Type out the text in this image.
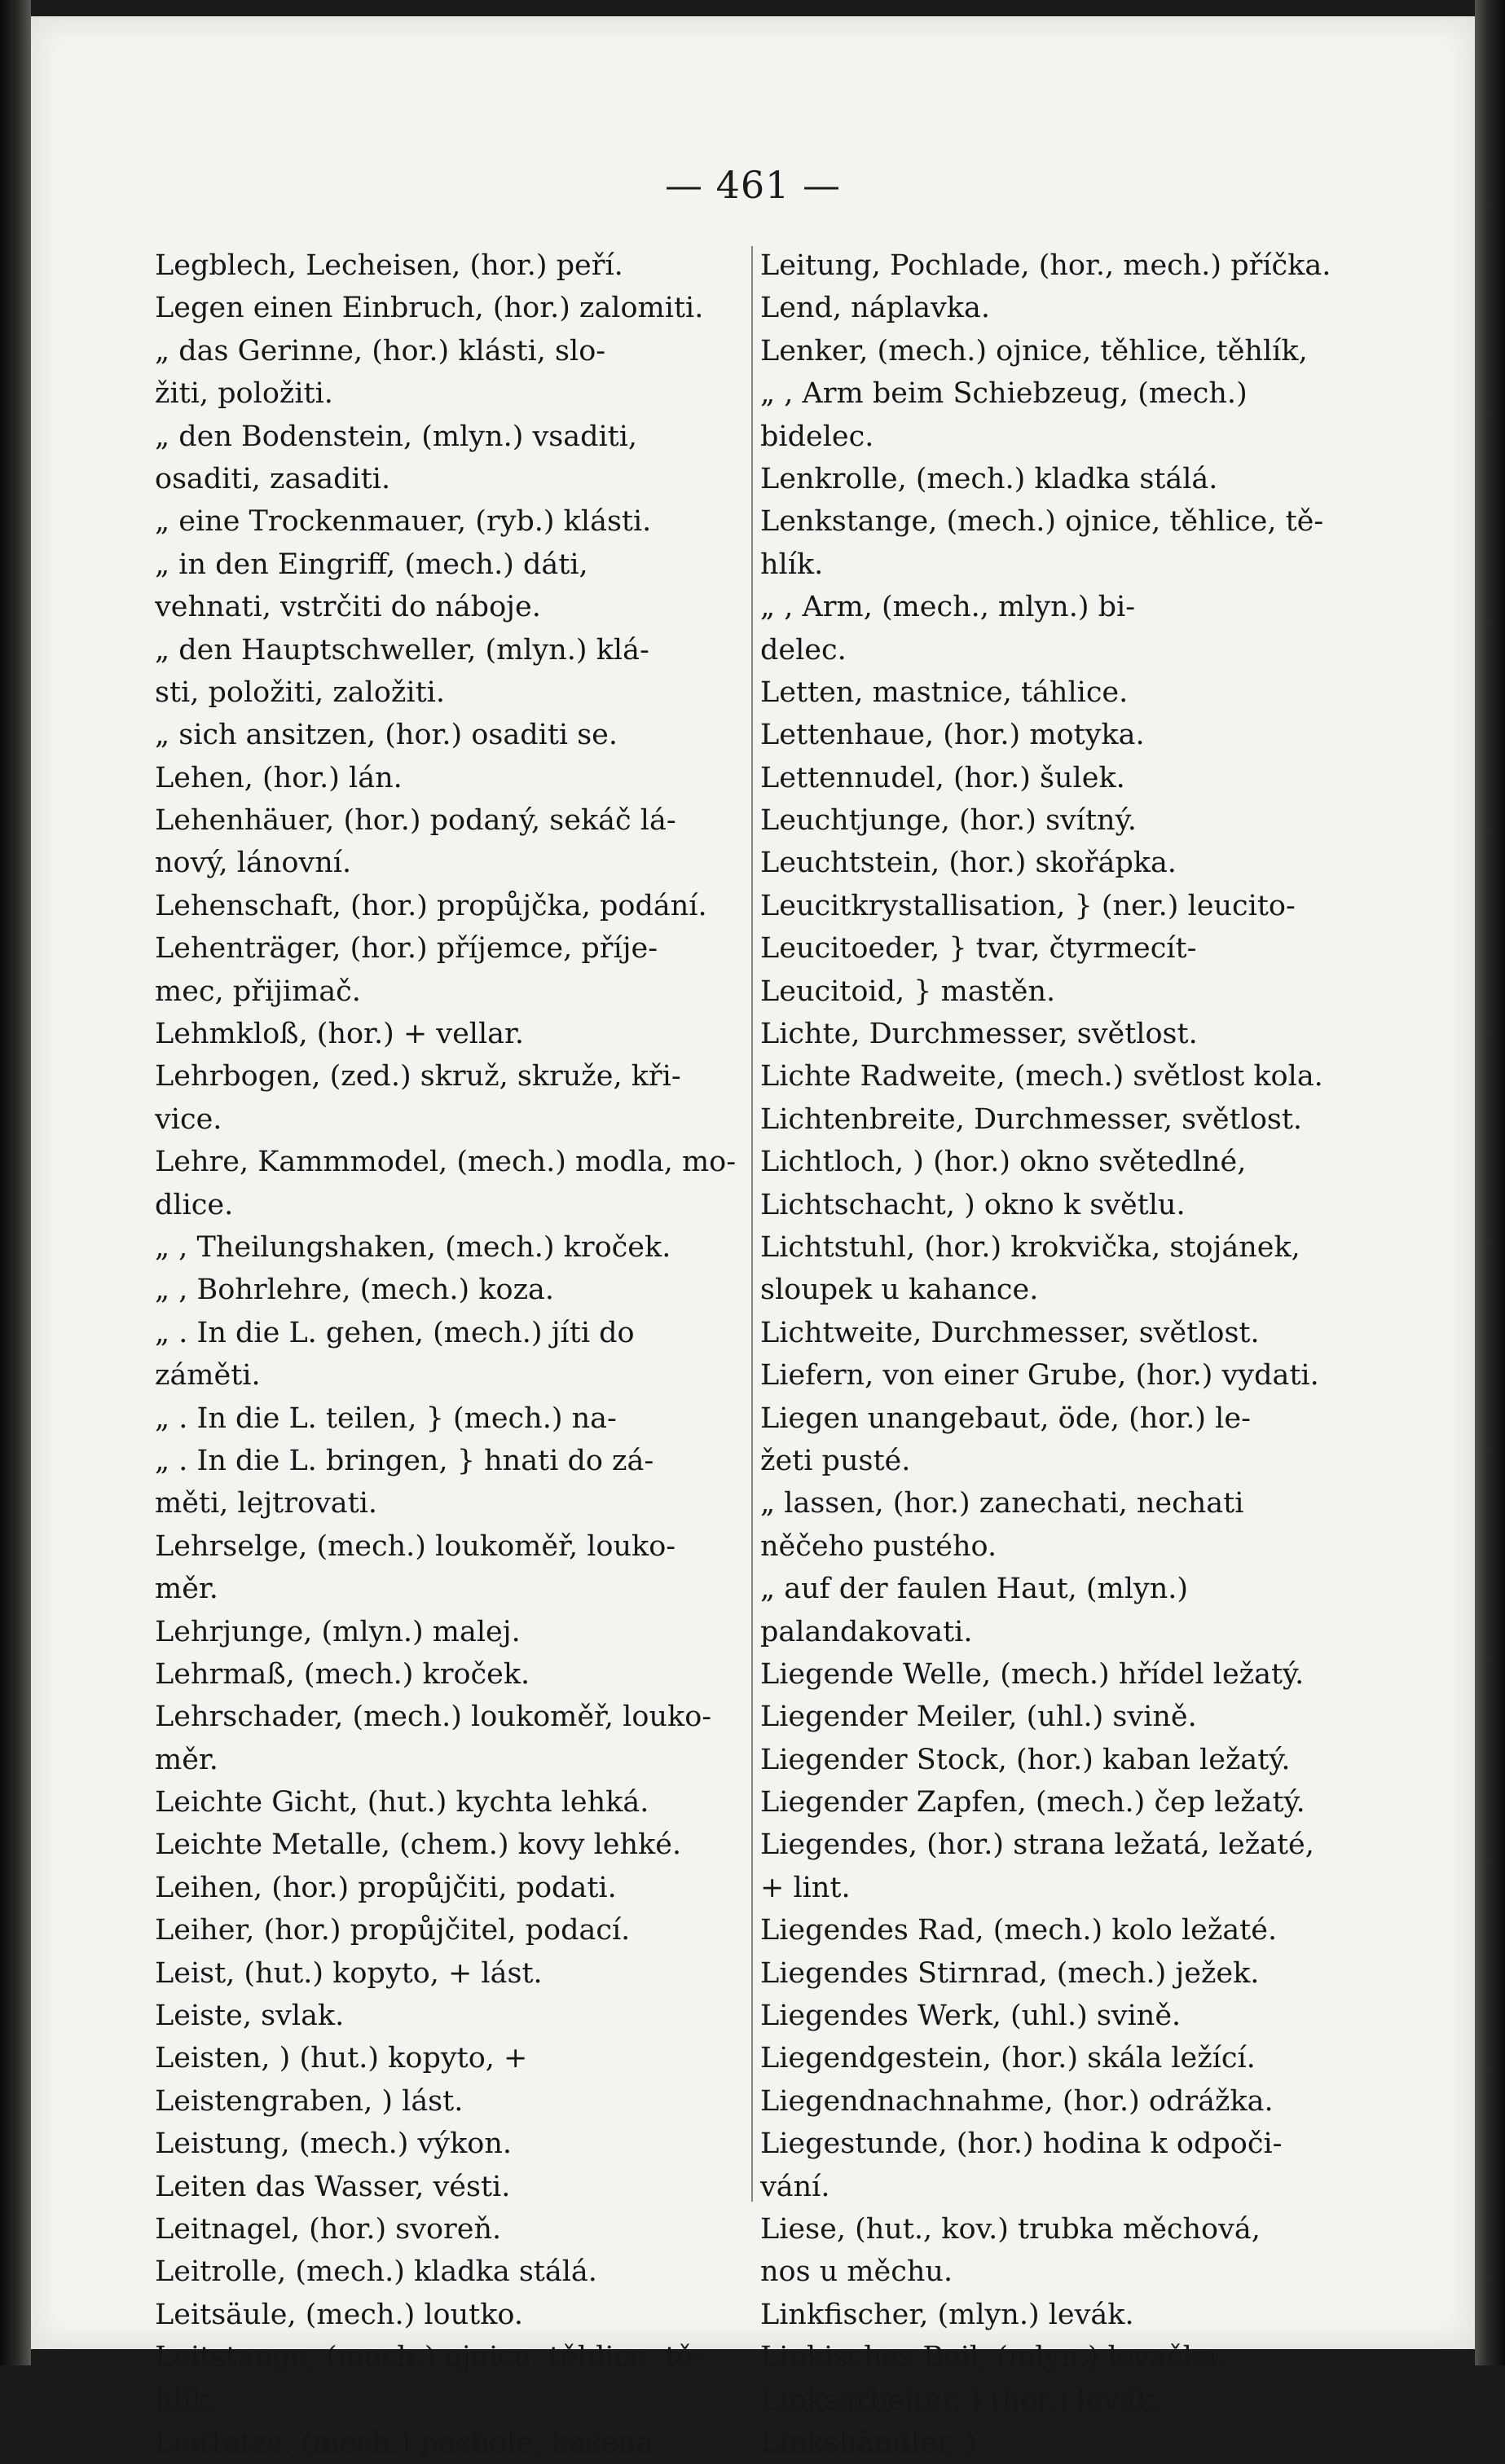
— 461 —
Legblech, Lecheisen, (hor.) peří.
Legen einen Einbruch, (hor.) zalomiti.
„ das Gerinne, (hor.) klásti, slo-
žiti, položiti.
„ den Bodenstein, (mlyn.) vsaditi,
osaditi, zasaditi.
„ eine Trockenmauer, (ryb.) klásti.
„ in den Eingriff, (mech.) dáti,
vehnati, vstrčiti do náboje.
„ den Hauptschweller, (mlyn.) klá-
sti, položiti, založiti.
„ sich ansitzen, (hor.) osaditi se.
Lehen, (hor.) lán.
Lehenhäuer, (hor.) podaný, sekáč lá-
nový, lánovní.
Lehenschaft, (hor.) propůjčka, podání.
Lehenträger, (hor.) příjemce, příje-
mec, přijimač.
Lehmkloß, (hor.) + vellar.
Lehrbogen, (zed.) skruž, skruže, kři-
vice.
Lehre, Kammmodel, (mech.) modla, mo-
dlice.
„ , Theilungshaken, (mech.) kroček.
„ , Bohrlehre, (mech.) koza.
„ . In die L. gehen, (mech.) jíti do
záměti.
„ . In die L. teilen, } (mech.) na-
„ . In die L. bringen, } hnati do zá-
měti, lejtrovati.
Lehrselge, (mech.) loukoměř, louko-
měr.
Lehrjunge, (mlyn.) malej.
Lehrmaß, (mech.) kroček.
Lehrschader, (mech.) loukoměř, louko-
měr.
Leichte Gicht, (hut.) kychta lehká.
Leichte Metalle, (chem.) kovy lehké.
Leihen, (hor.) propůjčiti, podati.
Leiher, (hor.) propůjčitel, podací.
Leist, (hut.) kopyto, + lást.
Leiste, svlak.
Leisten, ) (hut.) kopyto, +
Leistengraben, ) lást.
Leistung, (mech.) výkon.
Leiten das Wasser, vésti.
Leitnagel, (hor.) svoreň.
Leitrolle, (mech.) kladka stálá.
Leitsäule, (mech.) loutko.
Leitstange, (mech.) ojnice, těhlice, tě-
hlík.
Leittatze, (mech.) pachole, kačena.
Leitung, Pochlade, (hor., mech.) příčka.
Lend, náplavka.
Lenker, (mech.) ojnice, těhlice, těhlík,
„ , Arm beim Schiebzeug, (mech.)
bidelec.
Lenkrolle, (mech.) kladka stálá.
Lenkstange, (mech.) ojnice, těhlice, tě-
hlík.
„ , Arm, (mech., mlyn.) bi-
delec.
Letten, mastnice, táhlice.
Lettenhaue, (hor.) motyka.
Lettennudel, (hor.) šulek.
Leuchtjunge, (hor.) svítný.
Leuchtstein, (hor.) skořápka.
Leucitkrystallisation, } (ner.) leucito-
Leucitoeder, } tvar, čtyrmecít-
Leucitoid, } mastěn.
Lichte, Durchmesser, světlost.
Lichte Radweite, (mech.) světlost kola.
Lichtenbreite, Durchmesser, světlost.
Lichtloch, ) (hor.) okno světedlné,
Lichtschacht, ) okno k světlu.
Lichtstuhl, (hor.) krokvička, stojánek,
sloupek u kahance.
Lichtweite, Durchmesser, světlost.
Liefern, von einer Grube, (hor.) vydati.
Liegen unangebaut, öde, (hor.) le-
žeti pusté.
„ lassen, (hor.) zanechati, nechati
něčeho pustého.
„ auf der faulen Haut, (mlyn.)
palandakovati.
Liegende Welle, (mech.) hřídel ležatý.
Liegender Meiler, (uhl.) svině.
Liegender Stock, (hor.) kaban ležatý.
Liegender Zapfen, (mech.) čep ležatý.
Liegendes, (hor.) strana ležatá, ležaté,
+ lint.
Liegendes Rad, (mech.) kolo ležaté.
Liegendes Stirnrad, (mech.) ježek.
Liegendes Werk, (uhl.) svině.
Liegendgestein, (hor.) skála ležící.
Liegendnachnahme, (hor.) odrážka.
Liegestunde, (hor.) hodina k odpoči-
vání.
Liese, (hut., kov.) trubka měchová,
nos u měchu.
Linkfischer, (mlyn.) levák.
Linkisches Beil, (mlyn.) levačka.
Linksarbeiter, ) (hor.) levák.
Linkshändler, )
